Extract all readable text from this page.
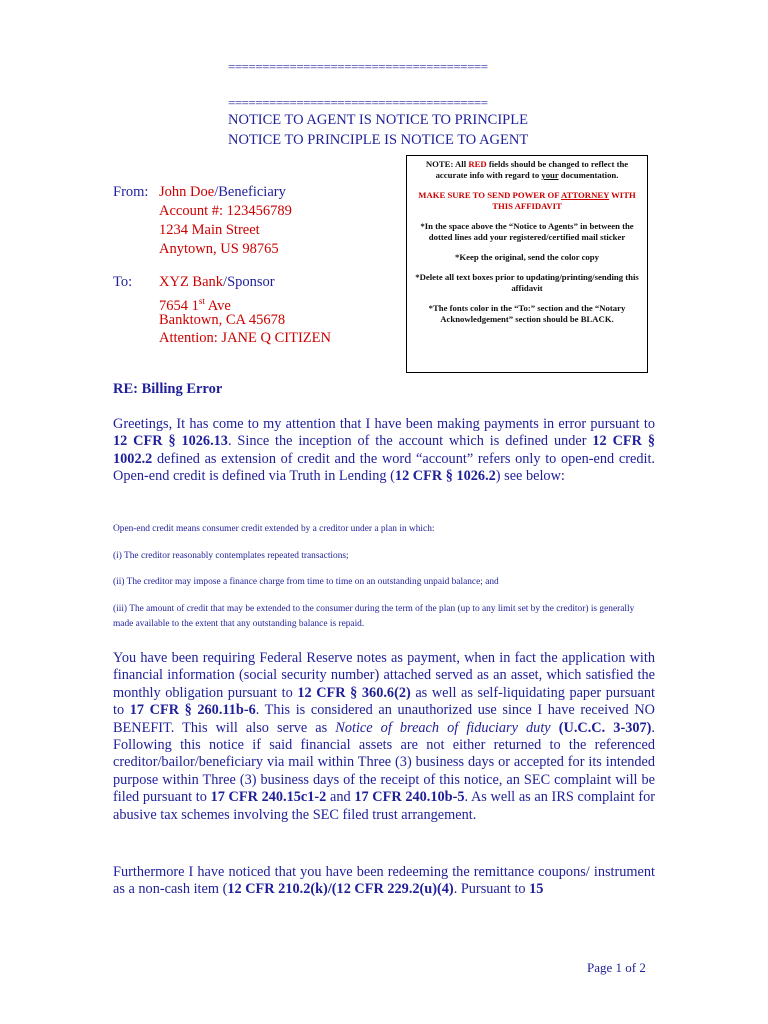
======================================
======================================
NOTICE TO AGENT IS NOTICE TO PRINCIPLE
NOTICE TO PRINCIPLE IS NOTICE TO AGENT

NOTE: All RED fields should be changed to reflect the accurate info with regard to your documentation.

MAKE SURE TO SEND POWER OF ATTORNEY WITH THIS AFFIDAVIT

*In the space above the “Notice to Agents” in between the dotted lines add your registered/certified mail sticker

*Keep the original, send the color copy

*Delete all text boxes prior to updating/printing/sending this affidavit

*The fonts color in the “To:” section and the “Notary Acknowledgement” section should be BLACK.

From: John Doe/Beneficiary
Account #: 123456789
1234 Main Street
Anytown, US 98765
To: XYZ Bank/Sponsor
7654 1st Ave
Banktown, CA 45678
Attention: JANE Q CITIZEN
RE: Billing Error

Greetings, It has come to my attention that I have been making payments in error pursuant to 12 CFR § 1026.13. Since the inception of the account which is defined under 12 CFR § 1002.2 defined as extension of credit and the word “account” refers only to open-end credit. Open-end credit is defined via Truth in Lending (12 CFR § 1026.2) see below:

Open-end credit means consumer credit extended by a creditor under a plan in which:

(i) The creditor reasonably contemplates repeated transactions;

(ii) The creditor may impose a finance charge from time to time on an outstanding unpaid balance; and

(iii) The amount of credit that may be extended to the consumer during the term of the plan (up to any limit set by the creditor) is generally made available to the extent that any outstanding balance is repaid.

You have been requiring Federal Reserve notes as payment, when in fact the application with financial information (social security number) attached served as an asset, which satisfied the monthly obligation pursuant to 12 CFR § 360.6(2) as well as self-liquidating paper pursuant to 17 CFR § 260.11b-6. This is considered an unauthorized use since I have received NO BENEFIT. This will also serve as Notice of breach of fiduciary duty (U.C.C. 3-307). Following this notice if said financial assets are not either returned to the referenced creditor/bailor/beneficiary via mail within Three (3) business days or accepted for its intended purpose within Three (3) business days of the receipt of this notice, an SEC complaint will be filed pursuant to 17 CFR 240.15c1-2 and 17 CFR 240.10b-5. As well as an IRS complaint for abusive tax schemes involving the SEC filed trust arrangement.

Furthermore I have noticed that you have been redeeming the remittance coupons/ instrument as a non-cash item (12 CFR 210.2(k)/(12 CFR 229.2(u)(4). Pursuant to 15

Page 1 of 2
